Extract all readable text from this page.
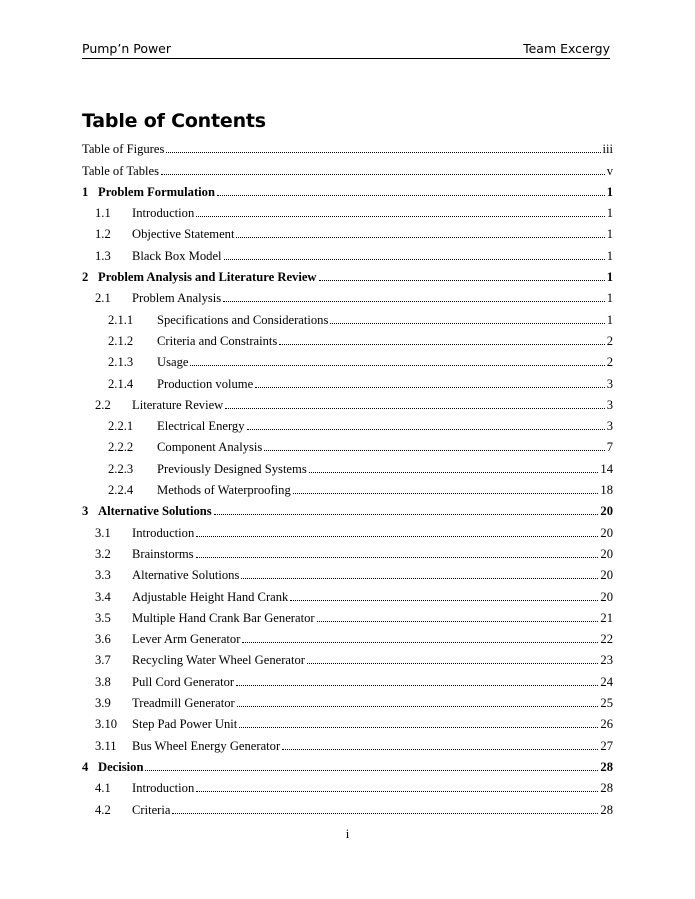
Pump’n Power	Team Excergy
Table of Contents
Table of Figures	iii
Table of Tables	v
1 Problem Formulation	1
1.1	Introduction	1
1.2	Objective Statement	1
1.3	Black Box Model	1
2 Problem Analysis and Literature Review	1
2.1	Problem Analysis	1
2.1.1	Specifications and Considerations	1
2.1.2	Criteria and Constraints	2
2.1.3	Usage	2
2.1.4	Production volume	3
2.2	Literature Review	3
2.2.1	Electrical Energy	3
2.2.2	Component Analysis	7
2.2.3	Previously Designed Systems	14
2.2.4	Methods of Waterproofing	18
3 Alternative Solutions	20
3.1	Introduction	20
3.2	Brainstorms	20
3.3	Alternative Solutions	20
3.4	Adjustable Height Hand Crank	20
3.5	Multiple Hand Crank Bar Generator	21
3.6	Lever Arm Generator	22
3.7	Recycling Water Wheel Generator	23
3.8	Pull Cord Generator	24
3.9	Treadmill Generator	25
3.10	Step Pad Power Unit	26
3.11	Bus Wheel Energy Generator	27
4 Decision	28
4.1	Introduction	28
4.2	Criteria	28
i
